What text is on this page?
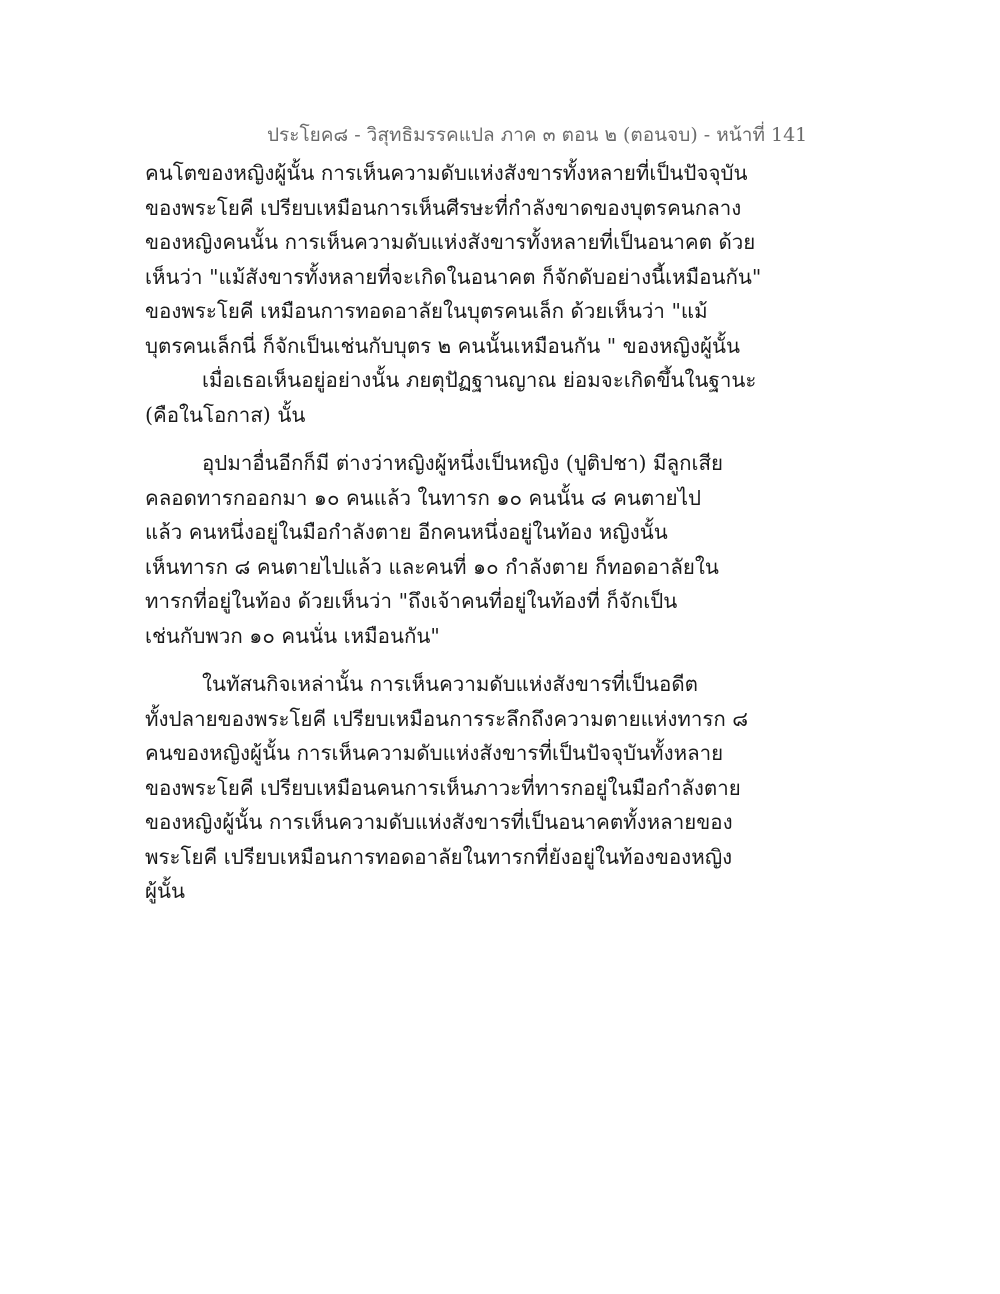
ประโยค๘ - วิสุทธิมรรคแปล ภาค ๓ ตอน ๒ (ตอนจบ) - หน้าที่ 141
คนโตของหญิงผู้นั้น การเห็นความดับแห่งสังขารทั้งหลายที่เป็นปัจจุบัน
ของพระโยคี เปรียบเหมือนการเห็นศีรษะที่กำลังขาดของบุตรคนกลาง
ของหญิงคนนั้น การเห็นความดับแห่งสังขารทั้งหลายที่เป็นอนาคต ด้วย
เห็นว่า "แม้สังขารทั้งหลายที่จะเกิดในอนาคต ก็จักดับอย่างนี้เหมือนกัน"
ของพระโยคี เหมือนการทอดอาลัยในบุตรคนเล็ก ด้วยเห็นว่า "แม้
บุตรคนเล็กนี่ ก็จักเป็นเช่นกับบุตร ๒ คนนั้นเหมือนกัน " ของหญิงผู้นั้น
เมื่อเธอเห็นอยู่อย่างนั้น ภยตุปัฏฐานญาณ ย่อมจะเกิดขึ้นในฐานะ
(คือในโอกาส) นั้น
อุปมาอื่นอีกก็มี ต่างว่าหญิงผู้หนึ่งเป็นหญิง (ปูติปชา) มีลูกเสีย
คลอดทารกออกมา ๑๐ คนแล้ว ในทารก ๑๐ คนนั้น ๘ คนตายไป
แล้ว คนหนึ่งอยู่ในมือกำลังตาย อีกคนหนึ่งอยู่ในท้อง หญิงนั้น
เห็นทารก ๘ คนตายไปแล้ว และคนที่ ๑๐ กำลังตาย ก็ทอดอาลัยใน
ทารกที่อยู่ในท้อง ด้วยเห็นว่า "ถึงเจ้าคนที่อยู่ในท้องที่ ก็จักเป็น
เช่นกับพวก ๑๐ คนนั่น เหมือนกัน"
ในทัสนกิจเหล่านั้น การเห็นความดับแห่งสังขารที่เป็นอดีต
ทั้งปลายของพระโยคี เปรียบเหมือนการระลึกถึงความตายแห่งทารก ๘
คนของหญิงผู้นั้น การเห็นความดับแห่งสังขารที่เป็นปัจจุบันทั้งหลาย
ของพระโยคี เปรียบเหมือนคนการเห็นภาวะที่ทารกอยู่ในมือกำลังตาย
ของหญิงผู้นั้น การเห็นความดับแห่งสังขารที่เป็นอนาคตทั้งหลายของ
พระโยคี เปรียบเหมือนการทอดอาลัยในทารกที่ยังอยู่ในท้องของหญิง
ผู้นั้น
